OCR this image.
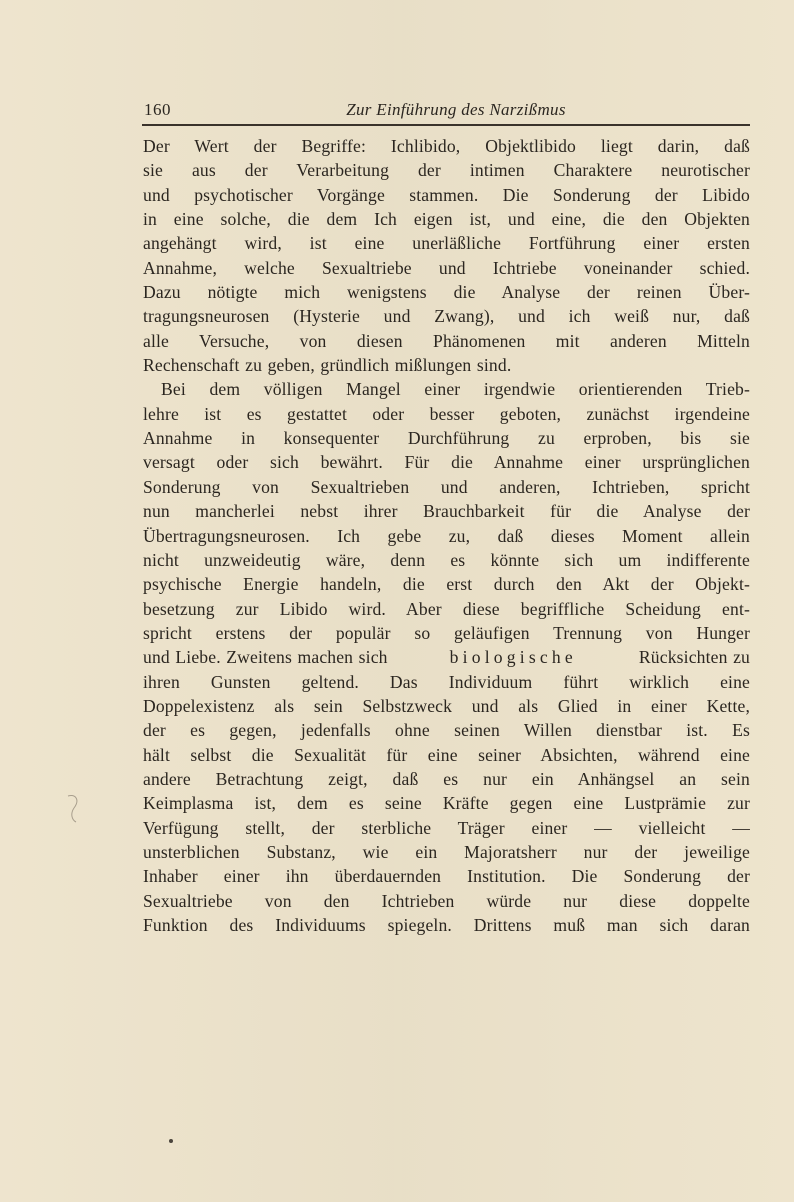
160	Zur Einführung des Narzißmus
Der Wert der Begriffe: Ichlibido, Objektlibido liegt darin, daß
sie aus der Verarbeitung der intimen Charaktere neurotischer
und psychotischer Vorgänge stammen. Die Sonderung der Libido
in eine solche, die dem Ich eigen ist, und eine, die den Objekten
angehängt wird, ist eine unerläßliche Fortführung einer ersten
Annahme, welche Sexualtriebe und Ichtriebe voneinander schied.
Dazu nötigte mich wenigstens die Analyse der reinen Über-
tragungsneurosen (Hysterie und Zwang), und ich weiß nur, daß
alle Versuche, von diesen Phänomenen mit anderen Mitteln
Rechenschaft zu geben, gründlich mißlungen sind.
Bei dem völligen Mangel einer irgendwie orientierenden Trieb-
lehre ist es gestattet oder besser geboten, zunächst irgendeine
Annahme in konsequenter Durchführung zu erproben, bis sie
versagt oder sich bewährt. Für die Annahme einer ursprünglichen
Sonderung von Sexualtrieben und anderen, Ichtrieben, spricht
nun mancherlei nebst ihrer Brauchbarkeit für die Analyse der
Übertragungsneurosen. Ich gebe zu, daß dieses Moment allein
nicht unzweideutig wäre, denn es könnte sich um indifferente
psychische Energie handeln, die erst durch den Akt der Objekt-
besetzung zur Libido wird. Aber diese begriffliche Scheidung ent-
spricht erstens der populär so geläufigen Trennung von Hunger
und Liebe. Zweitens machen sich	biologische	Rücksichten zu
ihren Gunsten geltend. Das Individuum führt wirklich eine
Doppelexistenz als sein Selbstzweck und als Glied in einer Kette,
der es gegen, jedenfalls ohne seinen Willen dienstbar ist. Es
hält selbst die Sexualität für eine seiner Absichten, während eine
andere Betrachtung zeigt, daß es nur ein Anhängsel an sein
Keimplasma ist, dem es seine Kräfte gegen eine Lustprämie zur
Verfügung stellt, der sterbliche Träger einer — vielleicht —
unsterblichen Substanz, wie ein Majoratsherr nur der jeweilige
Inhaber einer ihn überdauernden Institution. Die Sonderung der
Sexualtriebe von den Ichtrieben würde nur diese doppelte
Funktion des Individuums spiegeln. Drittens muß man sich daran
